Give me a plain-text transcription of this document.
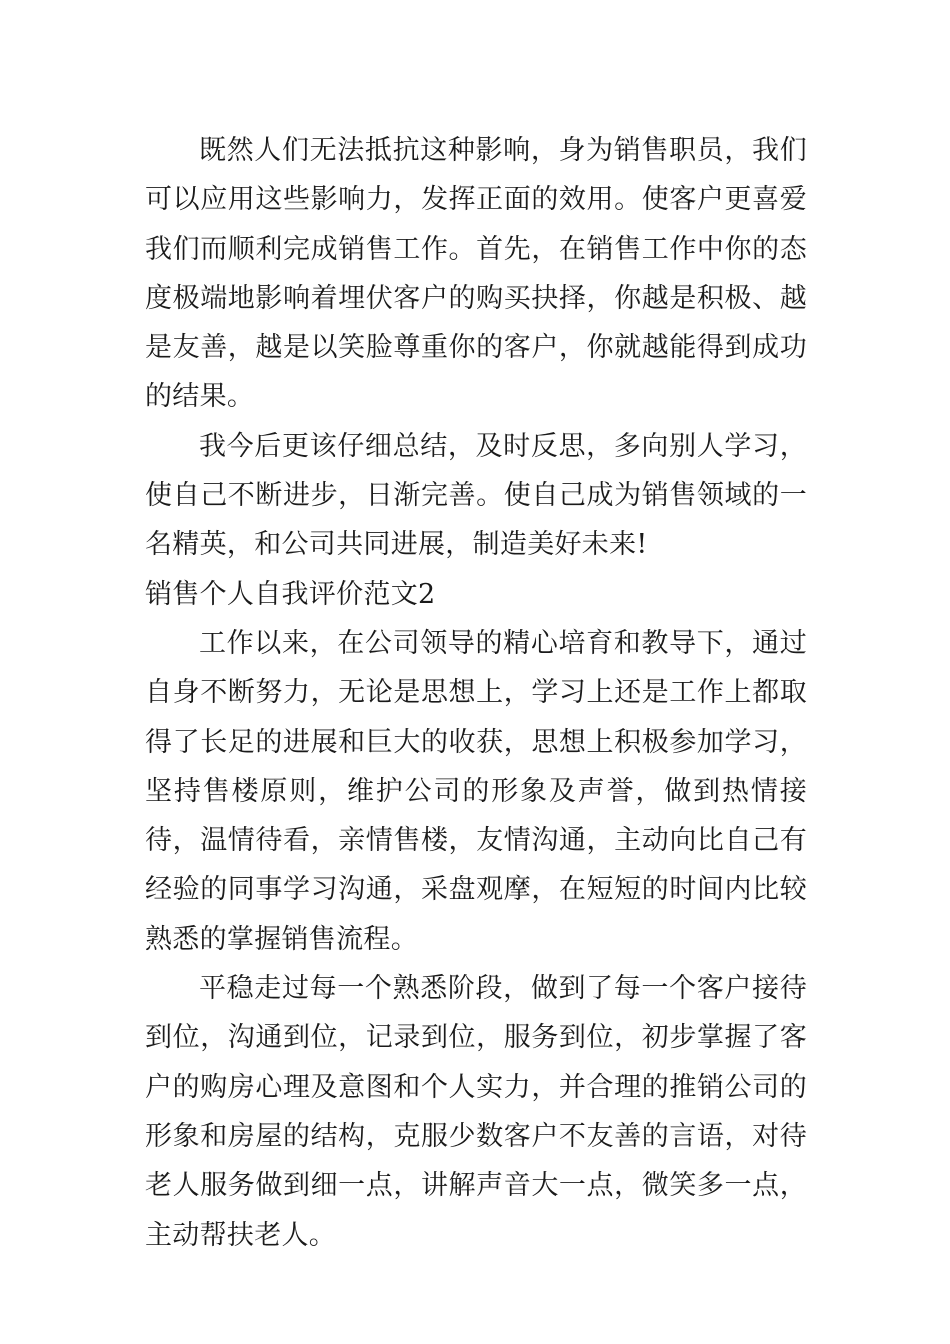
既然人们无法抵抗这种影响，身为销售职员，我们可以应用这些影响力，发挥正面的效用。使客户更喜爱我们而顺利完成销售工作。首先，在销售工作中你的态度极端地影响着埋伏客户的购买抉择，你越是积极、越是友善，越是以笑脸尊重你的客户，你就越能得到成功的结果。

我今后更该仔细总结，及时反思，多向别人学习，使自己不断进步，日渐完善。使自己成为销售领域的一名精英，和公司共同进展，制造美好未来!

销售个人自我评价范文2

工作以来，在公司领导的精心培育和教导下，通过自身不断努力，无论是思想上，学习上还是工作上都取得了长足的进展和巨大的收获，思想上积极参加学习，坚持售楼原则，维护公司的形象及声誉，做到热情接待，温情待看，亲情售楼，友情沟通，主动向比自己有经验的同事学习沟通，采盘观摩，在短短的时间内比较熟悉的掌握销售流程。

平稳走过每一个熟悉阶段，做到了每一个客户接待到位，沟通到位，记录到位，服务到位，初步掌握了客户的购房心理及意图和个人实力，并合理的推销公司的形象和房屋的结构，克服少数客户不友善的言语，对待老人服务做到细一点，讲解声音大一点，微笑多一点，主动帮扶老人。
